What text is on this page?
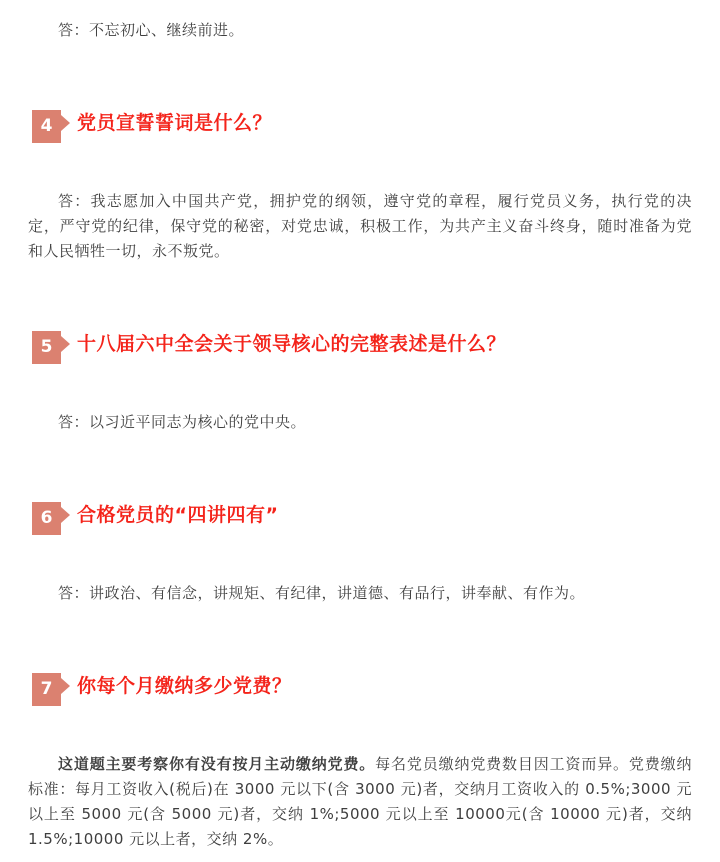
答：不忘初心、继续前进。

4	党员宣誓誓词是什么？

答：我志愿加入中国共产党，拥护党的纲领，遵守党的章程，履行党员义务，执行党的决定，严守党的纪律，保守党的秘密，对党忠诚，积极工作，为共产主义奋斗终身，随时准备为党和人民牺牲一切，永不叛党。

5	十八届六中全会关于领导核心的完整表述是什么？

答：以习近平同志为核心的党中央。

6	合格党员的“四讲四有”

答：讲政治、有信念，讲规矩、有纪律，讲道德、有品行，讲奉献、有作为。

7	你每个月缴纳多少党费？

这道题主要考察你有没有按月主动缴纳党费。每名党员缴纳党费数目因工资而异。党费缴纳标准：每月工资收入(税后)在 3000 元以下(含 3000 元)者，交纳月工资收入的 0.5%;3000 元以上至 5000 元(含 5000 元)者，交纳 1%;5000 元以上至 10000元(含 10000 元)者，交纳 1.5%;10000 元以上者，交纳 2%。
